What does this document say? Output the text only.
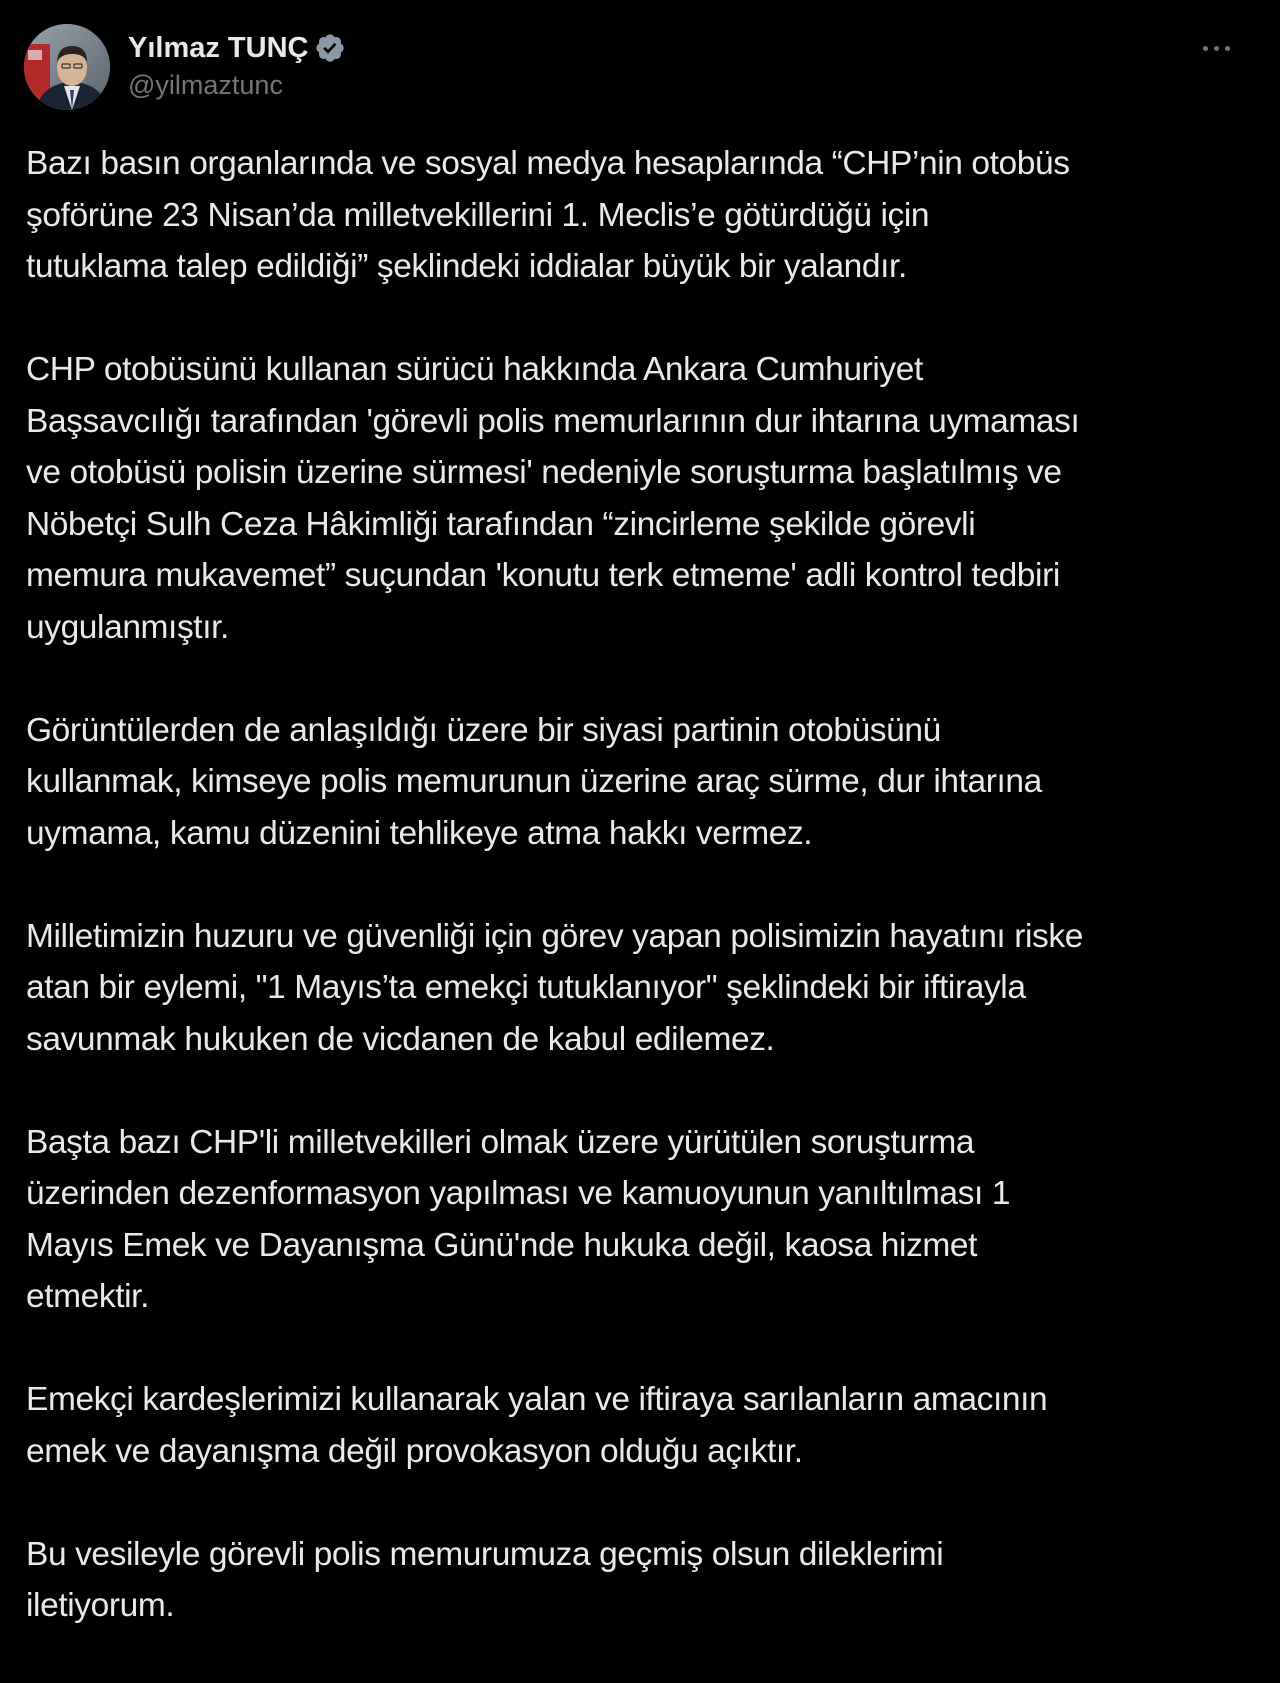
Yılmaz TUNÇ
@yilmaztunc

Bazı basın organlarında ve sosyal medya hesaplarında “CHP’nin otobüs
şoförüne 23 Nisan’da milletvekillerini 1. Meclis’e götürdüğü için
tutuklama talep edildiği” şeklindeki iddialar büyük bir yalandır.

CHP otobüsünü kullanan sürücü hakkında Ankara Cumhuriyet
Başsavcılığı tarafından 'görevli polis memurlarının dur ihtarına uymaması
ve otobüsü polisin üzerine sürmesi' nedeniyle soruşturma başlatılmış ve
Nöbetçi Sulh Ceza Hâkimliği tarafından “zincirleme şekilde görevli
memura mukavemet” suçundan 'konutu terk etmeme' adli kontrol tedbiri
uygulanmıştır.

Görüntülerden de anlaşıldığı üzere bir siyasi partinin otobüsünü
kullanmak, kimseye polis memurunun üzerine araç sürme, dur ihtarına
uymama, kamu düzenini tehlikeye atma hakkı vermez.

Milletimizin huzuru ve güvenliği için görev yapan polisimizin hayatını riske
atan bir eylemi, "1 Mayıs’ta emekçi tutuklanıyor" şeklindeki bir iftirayla
savunmak hukuken de vicdanen de kabul edilemez.

Başta bazı CHP'li milletvekilleri olmak üzere yürütülen soruşturma
üzerinden dezenformasyon yapılması ve kamuoyunun yanıltılması 1
Mayıs Emek ve Dayanışma Günü'nde hukuka değil, kaosa hizmet
etmektir.

Emekçi kardeşlerimizi kullanarak yalan ve iftiraya sarılanların amacının
emek ve dayanışma değil provokasyon olduğu açıktır.

Bu vesileyle görevli polis memurumuza geçmiş olsun dileklerimi
iletiyorum.
